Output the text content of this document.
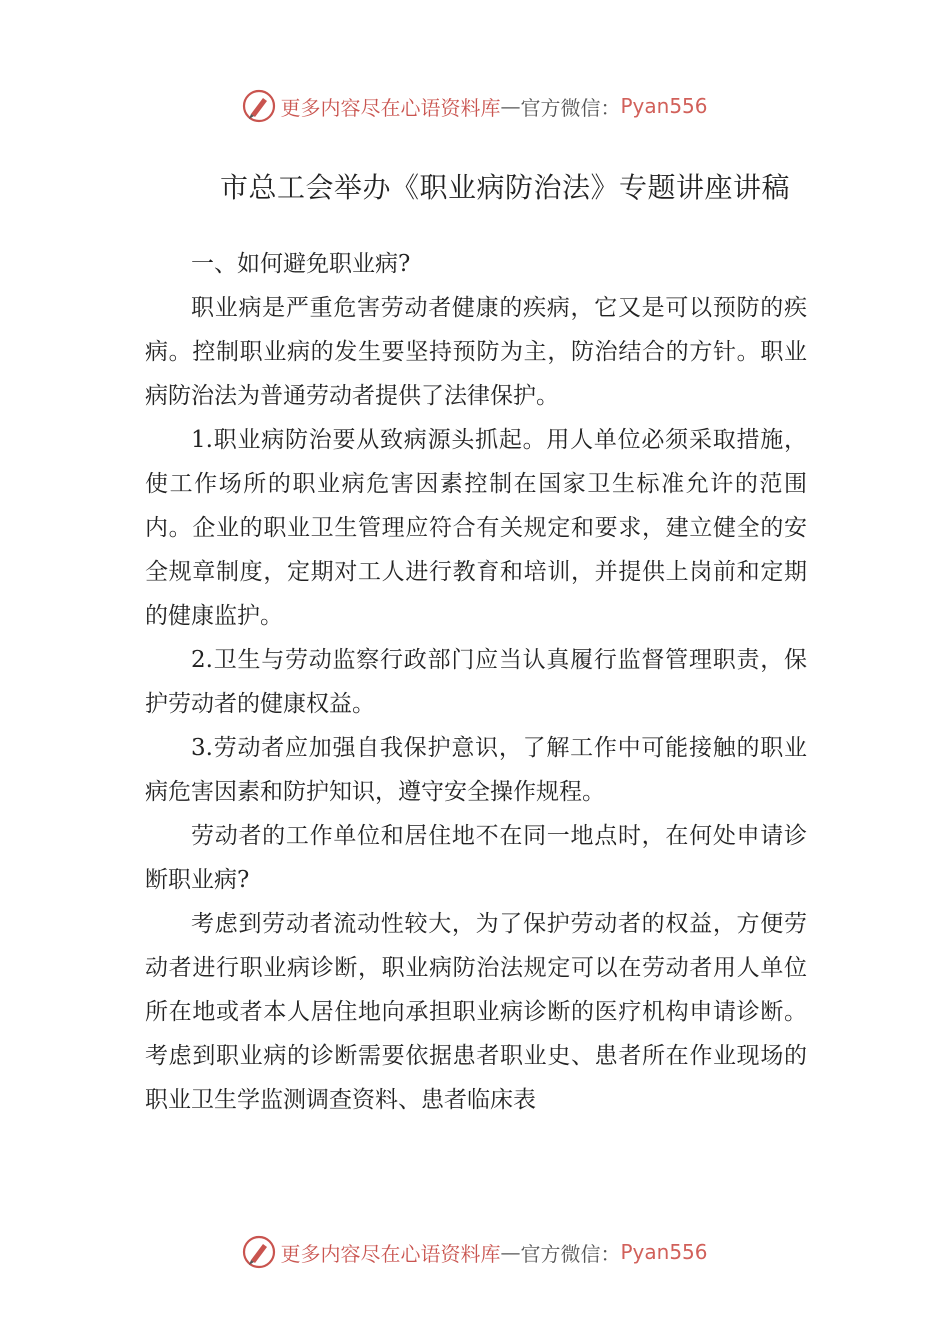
更多内容尽在心语资料库 — 官方微信： Pyan556
市总工会举办《职业病防治法》专题讲座讲稿

一、如何避免职业病?

职业病是严重危害劳动者健康的疾病，它又是可以预防的疾病。控制职业病的发生要坚持预防为主，防治结合的方针。职业病防治法为普通劳动者提供了法律保护。

1.职业病防治要从致病源头抓起。用人单位必须采取措施，使工作场所的职业病危害因素控制在国家卫生标准允许的范围内。企业的职业卫生管理应符合有关规定和要求，建立健全的安全规章制度，定期对工人进行教育和培训，并提供上岗前和定期的健康监护。

2.卫生与劳动监察行政部门应当认真履行监督管理职责，保护劳动者的健康权益。

3.劳动者应加强自我保护意识，了解工作中可能接触的职业病危害因素和防护知识，遵守安全操作规程。

劳动者的工作单位和居住地不在同一地点时，在何处申请诊断职业病?

考虑到劳动者流动性较大，为了保护劳动者的权益，方便劳动者进行职业病诊断，职业病防治法规定可以在劳动者用人单位所在地或者本人居住地向承担职业病诊断的医疗机构申请诊断。考虑到职业病的诊断需要依据患者职业史、患者所在作业现场的职业卫生学监测调查资料、患者临床表

更多内容尽在心语资料库 — 官方微信： Pyan556
